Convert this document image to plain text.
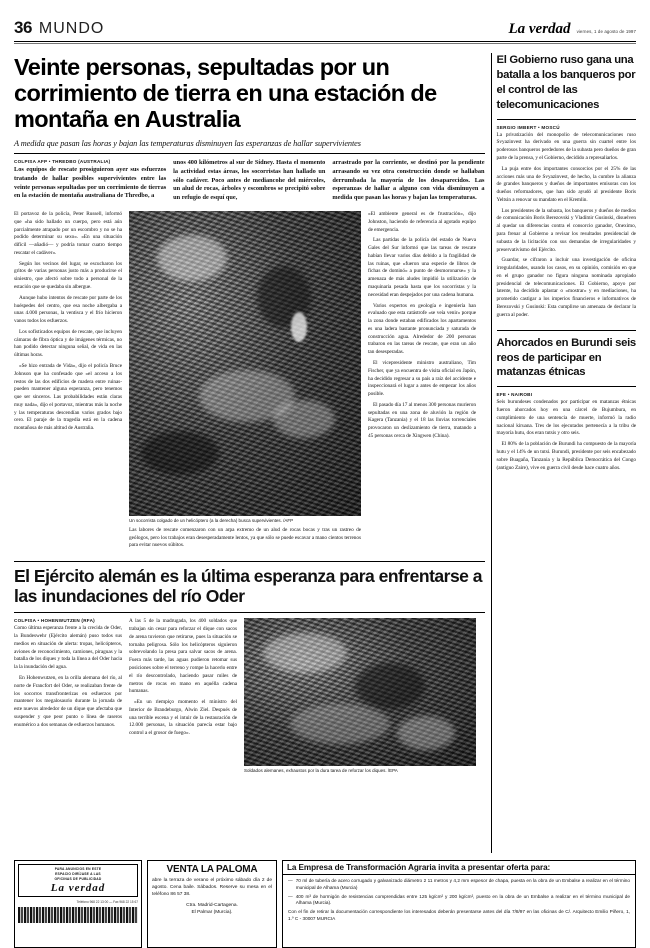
36 MUNDO	La verdad viernes, 1 de agosto de 1997
Veinte personas, sepultadas por un corrimiento de tierra en una estación de montaña en Australia
A medida que pasan las horas y bajan las temperaturas disminuyen las esperanzas de hallar supervivientes
COLPISA AFP • THREDBO (AUSTRALIA)

Los equipos de rescate prosiguieron ayer sus esfuerzos tratando de hallar posibles supervivientes entre las veinte personas sepultadas por un corrimiento de tierras en la estación de montaña australiana de Thredbo, a

unos 400 kilómetros al sur de Sídney. Hasta el momento la actividad estas áreas, los socorristas han hallado un sólo cadáver. Poco antes de mediancohe del miércoles, un alud de rocas, árboles y escombros se precipitó sobre un refugio de esquí que,

arrastrado por la corriente, se destinó por la pendiente arrasando su vez otra construcción donde se hallaban derrumbada la mayoría de los desaparecidos. Las esperanzas de hallar a alguno con vida disminuyen a medida que pasan las horas y bajan las temperaturas.

El portavoz de la policía, Peter Russell, informó que «ha sido hallado un cuerpo, pero está aún parcialmente atrapado por un escombro y no se ha podido determinar su sexo». «En una situación difícil —añadió— y podría tomar cuatro tiempo rescatar el cadáver».

Según los vecinos del lugar, se escucharon los gritos de varias personas justo más a producirse el siniestro, que afectó sobre todo a personal de la estación que se quedaba sin albergue.

Aunque hubo intentos de rescate por parte de los huéspedes del centro, que esa noche albergaba a unas 4.000 personas, la ventisca y el frío hicieron vanos todos los esfuerzos.

Los sofisticados equipos de rescate, que incluyen cámaras de fibra óptica y de imágenes térmicas, no han podido detectar ninguna señal, de vida en las últimas horas.

«Se hizo entrada de Vida», dijo el policía Bruce Johnson que ha confesado que «el acceso a los restos de las dos edificios de madera entre ruinas- pueden mantener alguna esperanza, pero tenemos que ser sinceros. Las probabilidades están claras muy nada», dijo el portavoz, mientras más la noche y las temperaturas descendían varios grados bajo cero. El paraje de la tragedia está en la cadena montañosa de más altitud de Australia.

Un socorrista colgado de un helicóptero (a la derecha) busca supervivientes. /AFP

Las labores de rescate comenzaron con un arpa extremo de un alud de rocas bocas y tras un rastreo de geólogos, pero los trabajos eran desesperadamente lentos, ya que sólo se puede escavar a mano cientos terrenos para evitar nuevos súbitos.

«El ambiente general es de frustración», dijo Johnston, haciendo de referencia al agotado equipo de emergencia.

Las partidas de la policía del estado de Nueva Gales del Sur informó que las tareas de rescate habían llevar varios días debido a la fragilidad de las ruinas, que «fueron una especie de libros de fichas de dominó» a punto de desmoronarse» y la amenaza de más aludes impidió la utilización de maquinaria pesada hasta que los socorristas y la necesidad eran despejados por una cadena humana.

Varios expertos en geología e ingeniería han evaluado que esta catástrofe «se veía venir» porque la zona donde estaban edificados los apartamentos es una ladera bastante pronunciada y saturada de construcción agua. Alrededor de 200 personas trabaron en las tareas de rescate, que eran un año tan desesperadas.

El vicepresidente ministro australiano, Tim Fischer, que ya encuentra de visita oficial en Japón, ha decidido regresar a su país a raíz del accidente e inspeccionará el lugar a antes de empezar los años posible.

El pasado día 17 al menos 300 personas murieron sepultadas en una zona de aluvión la región de Kagera (Tanzania) y el 18 las lluvias torrenciales provocaron un deslizamiento de tierra, matando a 45 personas cerca de Xingwen (China).

El Ejército alemán es la última esperanza para enfrentarse a las inundaciones del río Oder
COLPISA • HOHENWUTZEN (RFA)

Como última esperanza frente a la crecida de Oder, la Bundeswehr (Ejército alemán) puso todos sus medios en situación de alerta: tropas, helicópteros, aviones de reconocimiento, camiones, piraguas y la batalla de los diques y toda la línea a del Oder hacia la la inundación del agua.

En Hohenwutzen, en la orilla alemana del río, al norte de Francfort del Oder, se realizaban frente de los socorros transfronterizas en esfuerzos por mantener los megalosaurio durante la jornada de este nuevos alrededor de un dique que afectaba que suspender y que peor punto o línea de raseros enumérico a dos semanas de esfuerzos humanos.

A las 5 de la madrugada, los 400 soldados que trabajan sin cesar para reforzar el dique con sacos de arena tuvieron que retirarse, pues la situación se tornaba peligrosa. Sólo los helicópteros siguieron sobrevolando la presa para salvar sacos de arena. Fuera más tarde, las aguas pudieron retomar sus posiciones sobre el terreno y rompe la hacerlo entre el río descontrolado, haciendo pasar miles de metros de rocas en mano en aquélla cadena humanas.

«En un riempiço momento el ministro del Interior de Brandeburgo, Alwin Ziel. Después de una terrible escena y el intuir de la restauración de 12.000 personas, la situación parecía estar bajo control a el grosor de fuego».

Soldados alemanes, exhaustos por la dura tarea de reforzar los diques. /EPA
El Gobierno ruso gana una batalla a los banqueros por el control de las telecomunicaciones
SERGIO IMBERT • MOSCÚ

La privatización del monopolio de telecomunicaciones ruso Svyazinvest ha derivado en una guerra sin cuartel entre los poderosos banqueros perdedores de la subasta pero dueños de gran parte de la prensa, y el Gobierno, decidido a represaliarlos.

La puja entre dos importantes consorcios por el 25% de las acciones más una de Svyazinvest, de hecho, la cumbre la alianza de grandes banqueros y dueños de importantes emisoras con los dueños reformadores, que han sido ayudó al presidente Boris Yeltsin a renovar su mandato en el Kremlin.

Los presidentes de la subasta, los banqueros y dueños de medios de comunicación Boris Berezovski y Vladímir Gusinski, disuelven al quedar un diferencias contra el consorcio ganador, Oneximo, para frenar al Gobierno a revisar los resultados presidencial de subasta de la licitación con sus demandas de irregularidades y preservativismo del Ejército.

Guardar, se cifraron a incluir una investigación de oficina irregularidades, usando los casos, en su opinión, comisión en que en el grupo ganador no figura ninguna nominada apropiado presidencial de telecomunicaciones. El Gobierno, apoyo por latente, ha decidido aplastar o «mostrar» y en mediaciones, ha prometido castigar a los imperios financieros e informativos de Berezovski y Gusinski: Esta cumplirse un amenaza de declarar la guerra al poder.

Ahorcados en Burundi seis reos de participar en matanzas étnicas
EFE • NAIROBI

Seis burundeses condenados por participar en matanzas étnicas fueron ahorcados hoy en una cárcel de Bujumbura, en cumplimiento de una sentencia de muerte, informó la radio nacional kiruana. Tres de los ejecutados pertenecía a la tribu de mayoría hutu, dos eran tutsis y otro seis.

El 80% de la población de Burundi ha compuesto de la mayoría hutu y el 14% de un tutsi. Burundi, presidente por seis encabezado sobre Buagaña, Tanzania y la República Democrática del Congo (antiguo Zaire), vive en guerra civil desde hace cuatro años.

PARA ANUNCIOS EN ESTE
ESPACIO DIRÍJASE A LAS
OFICINAS DE PUBLICIDAD
La verdad
Teléfono 968 22 13 00 — Fax 968 22 15 67
VENTA LA PALOMA
abre la terraza de verano el próximo sábado día 2 de agosto. Cena baile. Sábados. Reserve su mesa en el teléfono 86 57 38.
Ctra. Madrid-Cartagena.
El Palmar (Murcia).
La Empresa de Transformación Agraria invita a presentar oferta para:
— 70 ml de tubería de acero corrugado y galvanizado diámetro 2 11 metros y 4,2 mm espesor de chapa, puesta en la obra de un Embalse a realizar en el término municipal de Alhama (Murcia)
— 400 m³ de hormigón de resistencias comprendidas entre 125 kg/cm² y 200 kg/cm², puesto en la obra de un Embalse a realizar en el término municipal de Alhama (Murcia).
Con el fin de retirar la documentación correspondiente los interesados deberán presentarse antes del día 7/8/97 en las oficinas de C/. Arquitecto Emilio Piñero, 1, 1.º C - 30007 MURCIA
